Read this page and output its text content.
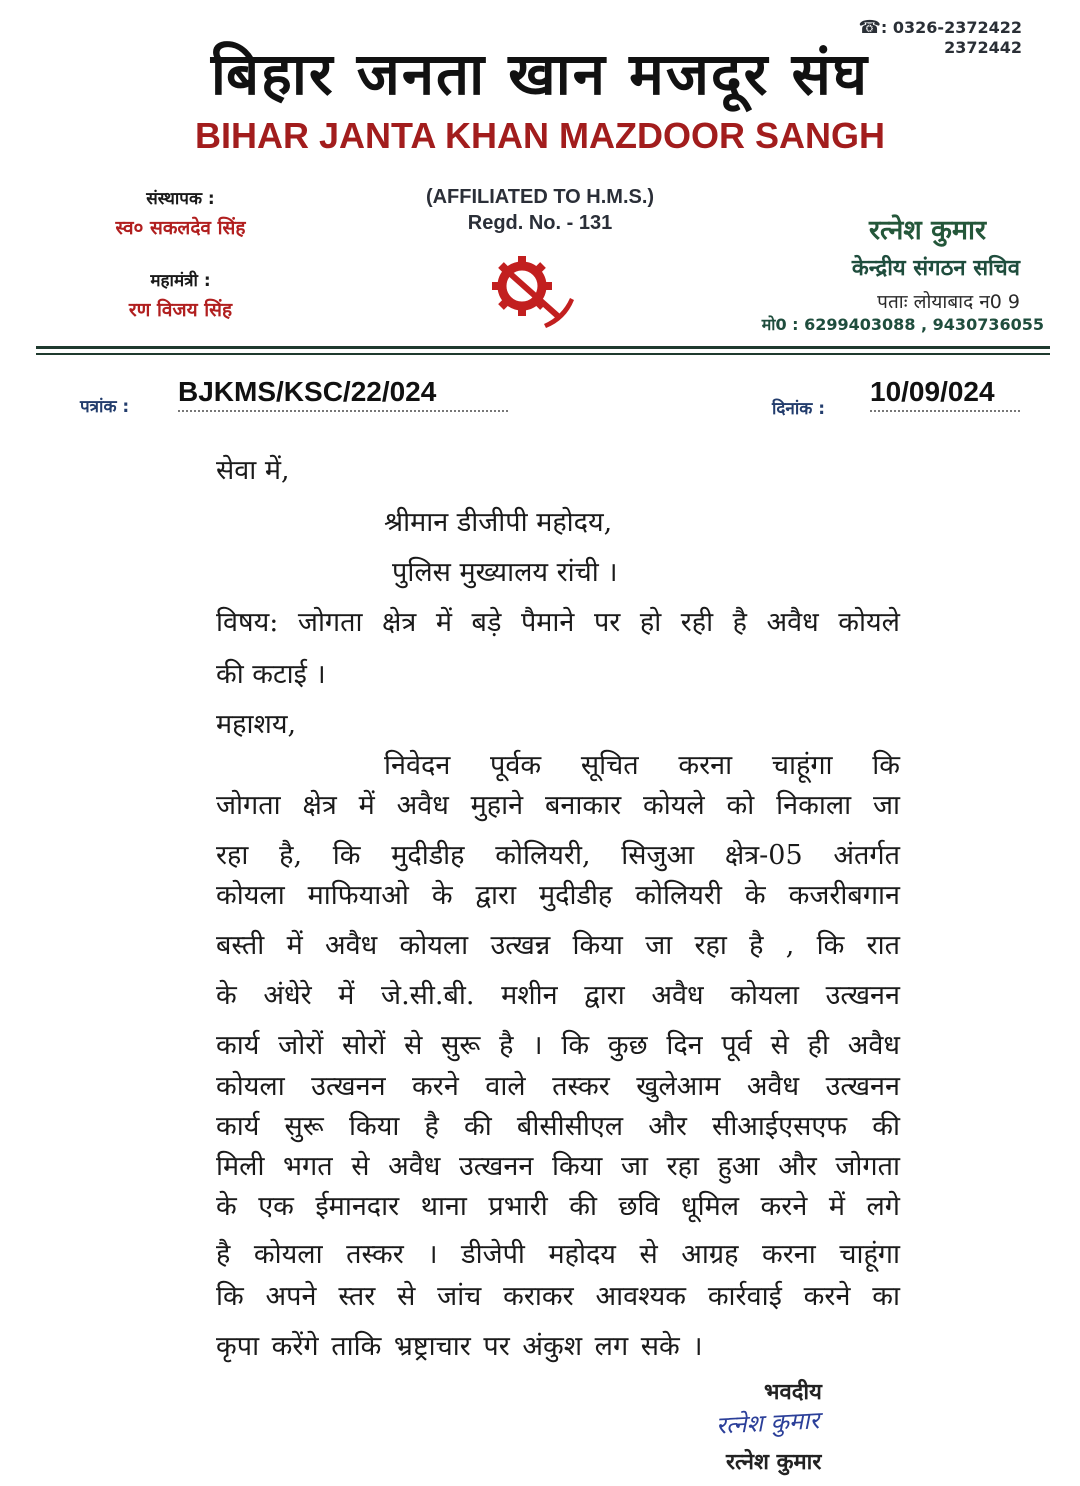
☎: 0326-2372422
2372442
बिहार जनता खान मजदूर संघ
BIHAR JANTA KHAN MAZDOOR SANGH
संस्थापक :
स्व० सकलदेव सिंह
महामंत्री :
रण विजय सिंह
(AFFILIATED TO H.M.S.)
Regd. No. - 131	रत्नेश कुमार
केन्द्रीय संगठन सचिव
पताः लोयाबाद न0 9
मो0 : 6299403088 , 9430736055
पत्रांक : BJKMS/KSC/22/024
दिनांक :
10/09/024
सेवा में,
श्रीमान डीजीपी महोदय,
पुलिस मुख्यालय रांची ।
विषय: जोगता क्षेत्र में बड़े पैमाने पर हो रही है अवैध कोयले
की कटाई ।
महाशय,
निवेदन पूर्वक सूचित करना चाहूंगा कि
जोगता क्षेत्र में अवैध मुहाने बनाकार कोयले को निकाला जा
रहा है, कि मुदीडीह कोलियरी, सिजुआ क्षेत्र-05 अंतर्गत
कोयला माफियाओ के द्वारा मुदीडीह कोलियरी के कजरीबगान
बस्ती में अवैध कोयला उत्खन्न किया जा रहा है , कि रात
के अंधेरे में जे.सी.बी. मशीन द्वारा अवैध कोयला उत्खनन
कार्य जोरों सोरों से सुरू है । कि कुछ दिन पूर्व से ही अवैध
कोयला उत्खनन करने वाले तस्कर खुलेआम अवैध उत्खनन
कार्य सुरू किया है की बीसीसीएल और सीआईएसएफ की
मिली भगत से अवैध उत्खनन किया जा रहा हुआ और जोगता
के एक ईमानदार थाना प्रभारी की छवि धूमिल करने में लगे
है कोयला तस्कर । डीजेपी महोदय से आग्रह करना चाहूंगा
कि अपने स्तर से जांच कराकर आवश्यक कार्रवाई करने का
कृपा करेंगे ताकि भ्रष्ट्राचार पर अंकुश लग सके ।
भवदीय
रत्नेश कुमार
रत्नेश कुमार
